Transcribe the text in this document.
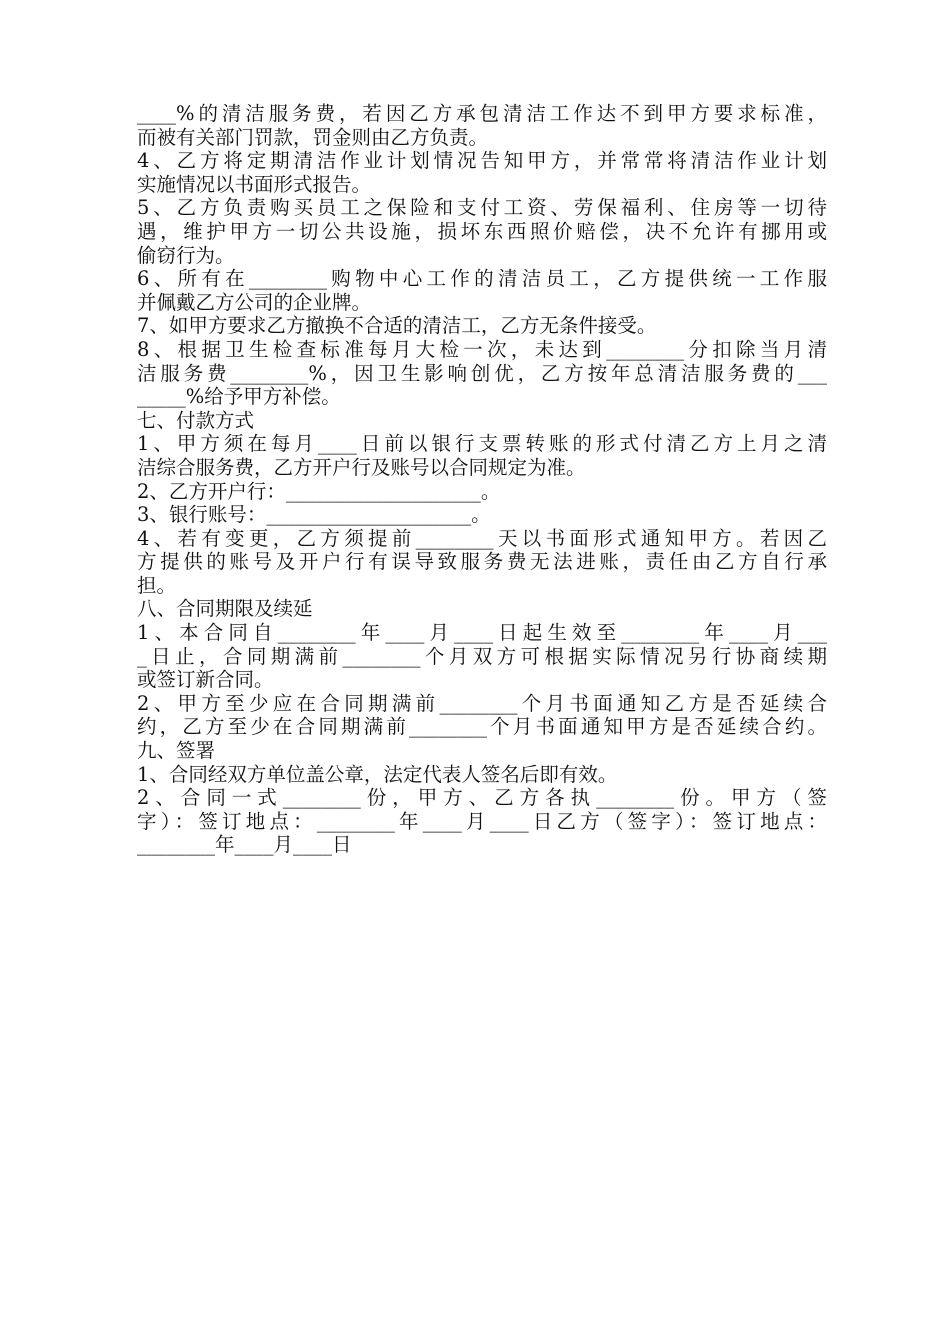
____%的清洁服务费，若因乙方承包清洁工作达不到甲方要求标准，
而被有关部门罚款，罚金则由乙方负责。
4、乙方将定期清洁作业计划情况告知甲方，并常常将清洁作业计划
实施情况以书面形式报告。
5、乙方负责购买员工之保险和支付工资、劳保福利、住房等一切待
遇，维护甲方一切公共设施，损坏东西照价赔偿，决不允许有挪用或
偷窃行为。
6、所有在________购物中心工作的清洁员工，乙方提供统一工作服
并佩戴乙方公司的企业牌。
7、如甲方要求乙方撤换不合适的清洁工，乙方无条件接受。
8、根据卫生检查标准每月大检一次，未达到________分扣除当月清
洁服务费________%，因卫生影响创优，乙方按年总清洁服务费的___
_____%给予甲方补偿。
七、付款方式
1、甲方须在每月____日前以银行支票转账的形式付清乙方上月之清
洁综合服务费，乙方开户行及账号以合同规定为准。
2、乙方开户行：____________________。
3、银行账号：_____________________。
4、若有变更，乙方须提前________天以书面形式通知甲方。若因乙
方提供的账号及开户行有误导致服务费无法进账，责任由乙方自行承
担。
八、合同期限及续延
1、本合同自________年____月____日起生效至________年____月___
_日止，合同期满前________个月双方可根据实际情况另行协商续期
或签订新合同。
2、甲方至少应在合同期满前________个月书面通知乙方是否延续合
约，乙方至少在合同期满前________个月书面通知甲方是否延续合约。
九、签署
1、合同经双方单位盖公章，法定代表人签名后即有效。
2、合同一式________份，甲方、乙方各执________份。甲方（签
字）：签订地点：________年____月____日乙方（签字）：签订地点：
________年____月____日
